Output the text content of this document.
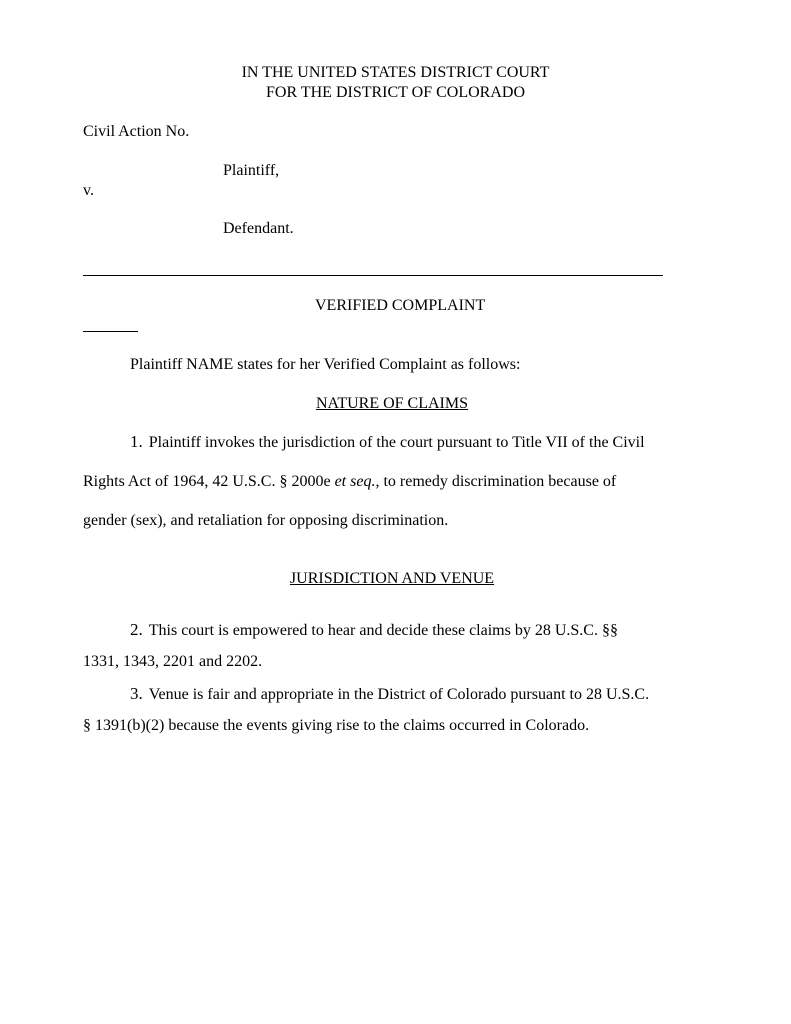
IN THE UNITED STATES DISTRICT COURT
FOR THE DISTRICT OF COLORADO
Civil Action No.
Plaintiff,
v.
Defendant.
VERIFIED COMPLAINT
Plaintiff NAME states for her Verified Complaint as follows:
NATURE OF CLAIMS
1. Plaintiff invokes the jurisdiction of the court pursuant to Title VII of the Civil
Rights Act of 1964, 42 U.S.C. § 2000e et seq., to remedy discrimination because of
gender (sex), and retaliation for opposing discrimination.
JURISDICTION AND VENUE
2. This court is empowered to hear and decide these claims by 28 U.S.C. §§
1331, 1343, 2201 and 2202.
3. Venue is fair and appropriate in the District of Colorado pursuant to 28 U.S.C.
§ 1391(b)(2) because the events giving rise to the claims occurred in Colorado.
